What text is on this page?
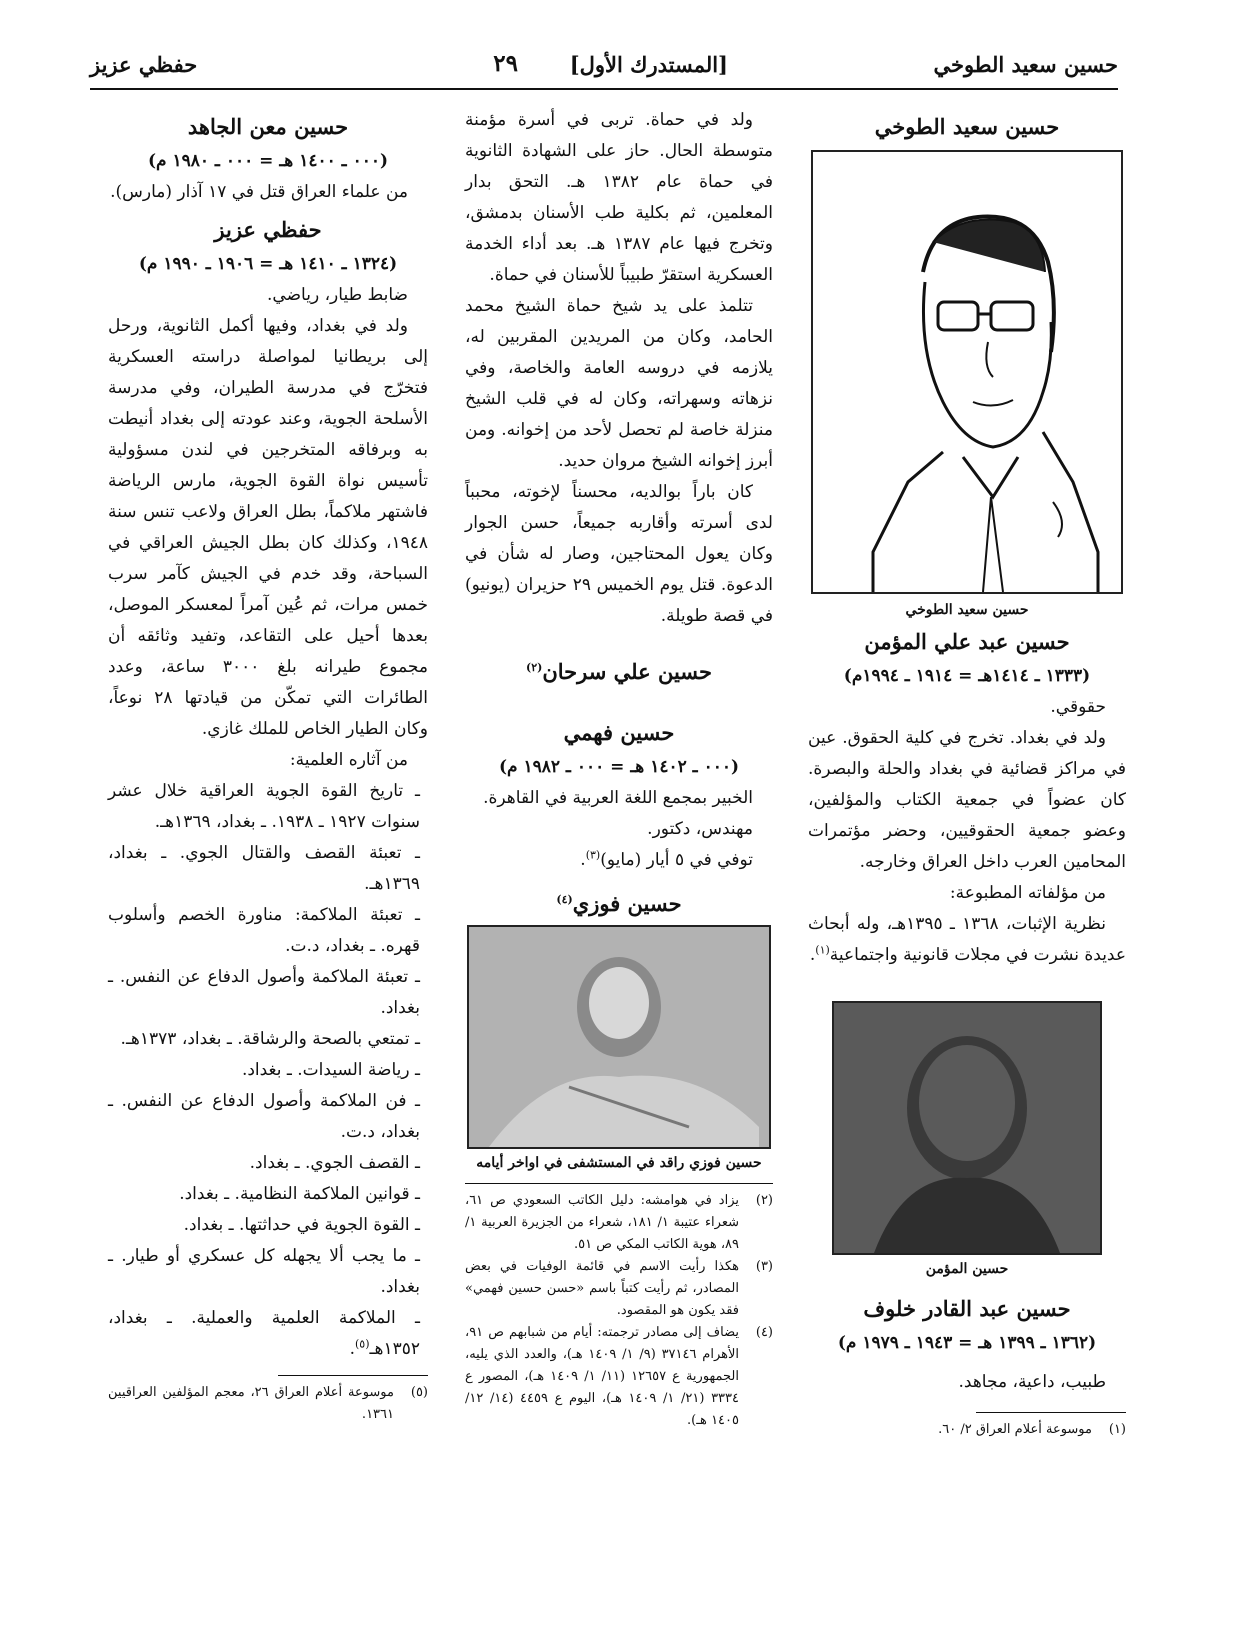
حسين سعيد الطوخي
[المستدرك الأول]
٢٩
حفظي عزيز
حسين سعيد الطوخي
حسين سعيد الطوخي
حسين عبد علي المؤمن
(١٣٣٣ ـ ١٤١٤هـ = ١٩١٤ ـ ١٩٩٤م)

حقوقي.

ولد في بغداد. تخرج في كلية الحقوق. عين في مراكز قضائية في بغداد والحلة والبصرة. كان عضواً في جمعية الكتاب والمؤلفين، وعضو جمعية الحقوقيين، وحضر مؤتمرات المحامين العرب داخل العراق وخارجه.

من مؤلفاته المطبوعة:

نظرية الإثبات، ١٣٦٨ ـ ١٣٩٥هـ، وله أبحاث عديدة نشرت في مجلات قانونية واجتماعية$^{(١)}$.

حسين المؤمن
حسين عبد القادر خلوف
(١٣٦٢ ـ ١٣٩٩ هـ = ١٩٤٣ ـ ١٩٧٩ م)

طبيب، داعية، مجاهد.

(١)
موسوعة أعلام العراق ٢/ ٦٠.

ولد في حماة. تربى في أسرة مؤمنة متوسطة الحال. حاز على الشهادة الثانوية في حماة عام ١٣٨٢ هـ. التحق بدار المعلمين، ثم بكلية طب الأسنان بدمشق، وتخرج فيها عام ١٣٨٧ هـ. بعد أداء الخدمة العسكرية استقرّ طبيباً للأسنان في حماة.

تتلمذ على يد شيخ حماة الشيخ محمد الحامد، وكان من المريدين المقربين له، يلازمه في دروسه العامة والخاصة، وفي نزهاته وسهراته، وكان له في قلب الشيخ منزلة خاصة لم تحصل لأحد من إخوانه. ومن أبرز إخوانه الشيخ مروان حديد.

كان باراً بوالديه، محسناً لإخوته، محبباً لدى أسرته وأقاربه جميعاً، حسن الجوار وكان يعول المحتاجين، وصار له شأن في الدعوة. قتل يوم الخميس ٢٩ حزيران (يونيو) في قصة طويلة.

حسين علي سرحان$^{(٢)}$
حسين فهمي
(٠٠٠ ـ ١٤٠٢ هـ = ٠٠٠ ـ ١٩٨٢ م)

الخبير بمجمع اللغة العربية في القاهرة.

مهندس، دكتور.

توفي في ٥ أيار (مايو)$^{(٣)}$.

حسين فوزي$^{(٤)}$
حسين فوزي راقد في المستشفى في اواخر أيامه
(٢)
يزاد في هوامشه: دليل الكاتب السعودي ص ٦١، شعراء عتيبة ١/ ١٨١، شعراء من الجزيرة العربية ١/ ٨٩، هوية الكاتب المكي ص ٥١.
(٣)
هكذا رأيت الاسم في قائمة الوفيات في بعض المصادر، ثم رأيت كتباً باسم «حسن حسين فهمي» فقد يكون هو المقصود.
(٤)
يضاف إلى مصادر ترجمته: أيام من شبابهم ص ٩١، الأهرام ٣٧١٤٦ (٩/ ١/ ١٤٠٩ هـ)، والعدد الذي يليه، الجمهورية ع ١٢٦٥٧ (١١/ ١/ ١٤٠٩ هـ)، المصور ع ٣٣٣٤ (٢١/ ١/ ١٤٠٩ هـ)، اليوم ع ٤٤٥٩ (١٤/ ١٢/ ١٤٠٥ هـ).
حسين معن الجاهد
(٠٠٠ ـ ١٤٠٠ هـ = ٠٠٠ ـ ١٩٨٠ م)

من علماء العراق قتل في ١٧ آذار (مارس).

حفظي عزيز
(١٣٢٤ ـ ١٤١٠ هـ = ١٩٠٦ ـ ١٩٩٠ م)

ضابط طيار، رياضي.

ولد في بغداد، وفيها أكمل الثانوية، ورحل إلى بريطانيا لمواصلة دراسته العسكرية فتخرّج في مدرسة الطيران، وفي مدرسة الأسلحة الجوية، وعند عودته إلى بغداد أنيطت به وبرفاقه المتخرجين في لندن مسؤولية تأسيس نواة القوة الجوية، مارس الرياضة فاشتهر ملاكماً، بطل العراق ولاعب تنس سنة ١٩٤٨، وكذلك كان بطل الجيش العراقي في السباحة، وقد خدم في الجيش كآمر سرب خمس مرات، ثم عُين آمراً لمعسكر الموصل، بعدها أحيل على التقاعد، وتفيد وثائقه أن مجموع طيرانه بلغ ٣٠٠٠ ساعة، وعدد الطائرات التي تمكّن من قيادتها ٢٨ نوعاً، وكان الطيار الخاص للملك غازي.

من آثاره العلمية:

ـ تاريخ القوة الجوية العراقية خلال عشر سنوات ١٩٢٧ ـ ١٩٣٨. ـ بغداد، ١٣٦٩هـ.

ـ تعبئة القصف والقتال الجوي. ـ بغداد، ١٣٦٩هـ.

ـ تعبئة الملاكمة: مناورة الخصم وأسلوب قهره. ـ بغداد، د.ت.

ـ تعبئة الملاكمة وأصول الدفاع عن النفس. ـ بغداد.

ـ تمتعي بالصحة والرشاقة. ـ بغداد، ١٣٧٣هـ.

ـ رياضة السيدات. ـ بغداد.

ـ فن الملاكمة وأصول الدفاع عن النفس. ـ بغداد، د.ت.

ـ القصف الجوي. ـ بغداد.

ـ قوانين الملاكمة النظامية. ـ بغداد.

ـ القوة الجوية في حداثتها. ـ بغداد.

ـ ما يجب ألا يجهله كل عسكري أو طيار. ـ بغداد.

ـ الملاكمة العلمية والعملية. ـ بغداد، ١٣٥٢هـ$^{(٥)}$.

(٥)
موسوعة أعلام العراق ٢٦، معجم المؤلفين العراقيين ١٣٦١.
